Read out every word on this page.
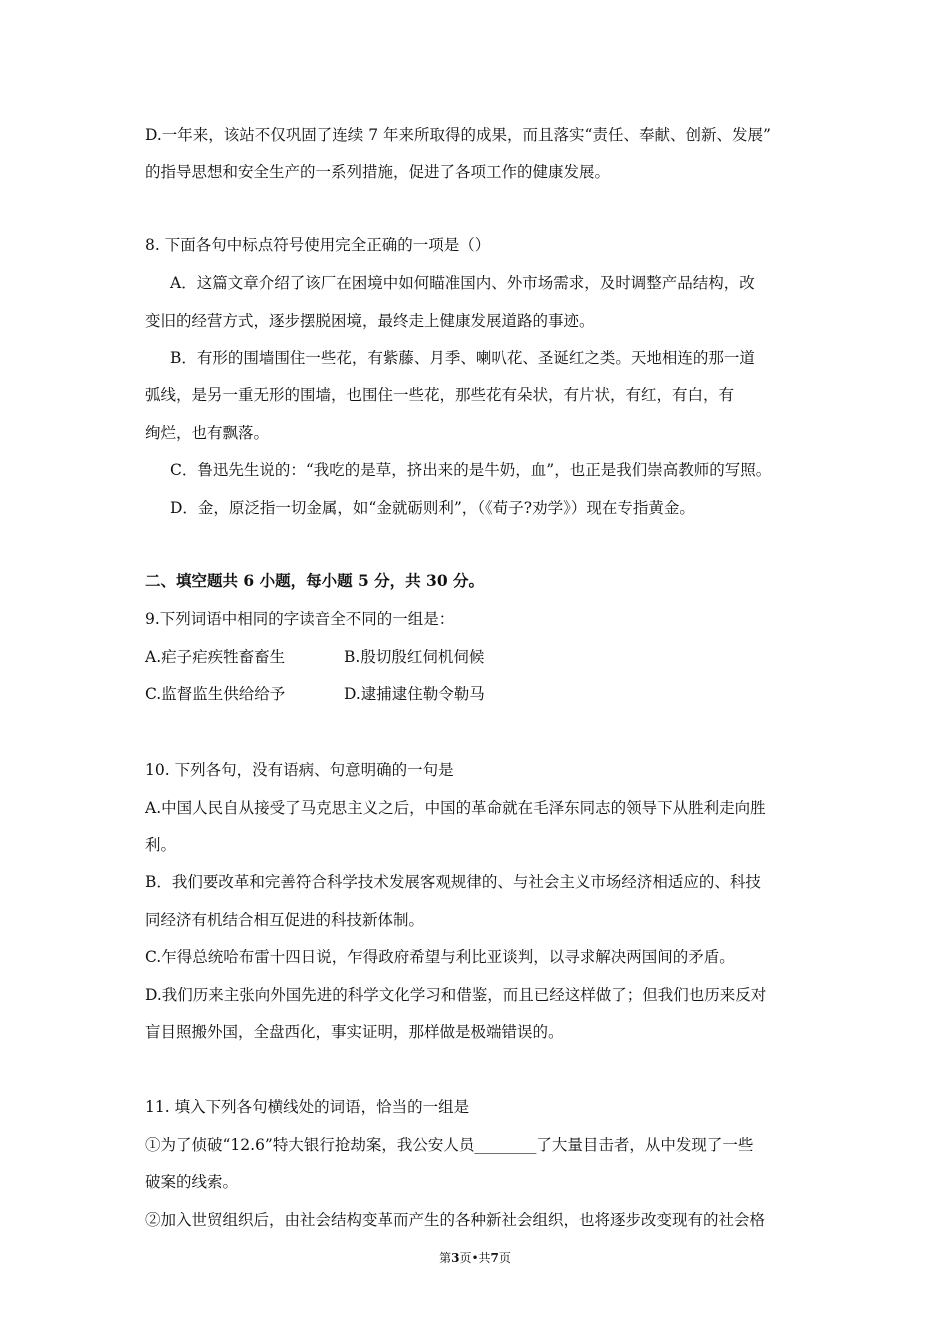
D.一年来，该站不仅巩固了连续 7 年来所取得的成果，而且落实“责任、奉献、创新、发展”
的指导思想和安全生产的一系列措施，促进了各项工作的健康发展。
8. 下面各句中标点符号使用完全正确的一项是（）
A．这篇文章介绍了该厂在困境中如何瞄准国内、外市场需求，及时调整产品结构，改
变旧的经营方式，逐步摆脱困境，最终走上健康发展道路的事迹。
B．有形的围墙围住一些花，有紫藤、月季、喇叭花、圣诞红之类。天地相连的那一道
弧线，是另一重无形的围墙，也围住一些花，那些花有朵状，有片状，有红，有白，有
绚烂，也有飘落。
C．鲁迅先生说的：“我吃的是草，挤出来的是牛奶，血”，也正是我们崇高教师的写照。
D．金，原泛指一切金属，如“金就砺则利”，（《荀子?劝学》）现在专指黄金。
二、填空题共 6 小题，每小题 5 分，共 30 分。
9.下列词语中相同的字读音全不同的一组是：
A.疟子疟疾牲畜畜生	B.殷切殷红伺机伺候
C.监督监生供给给予	D.逮捕逮住勒令勒马
10. 下列各句，没有语病、句意明确的一句是
A.中国人民自从接受了马克思主义之后，中国的革命就在毛泽东同志的领导下从胜利走向胜
利。
B．我们要改革和完善符合科学技术发展客观规律的、与社会主义市场经济相适应的、科技
同经济有机结合相互促进的科技新体制。
C.乍得总统哈布雷十四日说，乍得政府希望与利比亚谈判，以寻求解决两国间的矛盾。
D.我们历来主张向外国先进的科学文化学习和借鉴，而且已经这样做了；但我们也历来反对
盲目照搬外国，全盘西化，事实证明，那样做是极端错误的。
11. 填入下列各句横线处的词语，恰当的一组是
①为了侦破“12.6”特大银行抢劫案，我公安人员________了大量目击者，从中发现了一些
破案的线索。
②加入世贸组织后，由社会结构变革而产生的各种新社会组织，也将逐步改变现有的社会格
第3页•共7页
